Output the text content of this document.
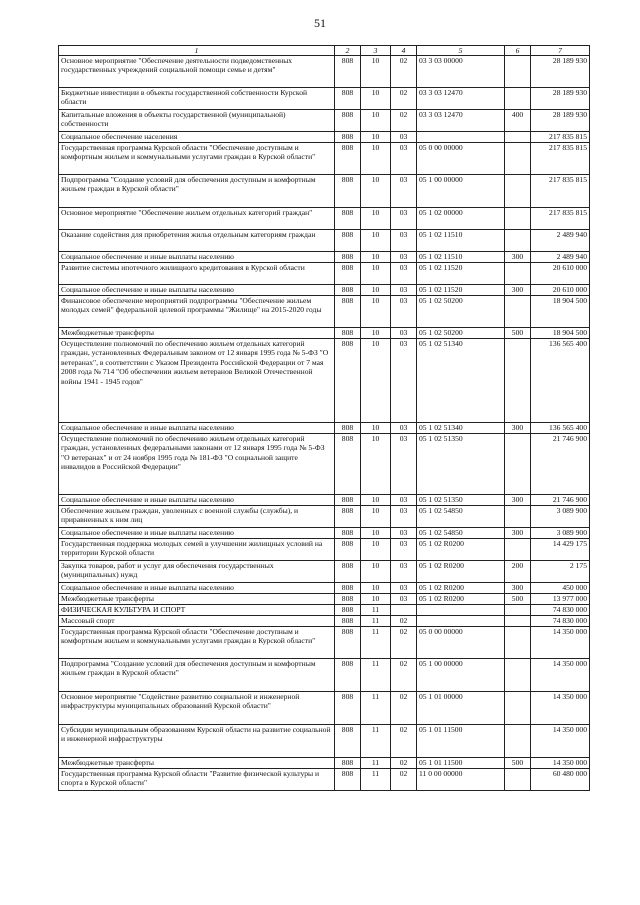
51
1	2	3	4	5	6	7
Основное мероприятие "Обеспечение деятельности подведомственных государственных учреждений социальной помощи семье и детям"	808	10	02	03 3 03 00000		28 189 930
Бюджетные инвестиции в объекты государственной собственности Курской области	808	10	02	03 3 03 12470		28 189 930
Капитальные вложения в объекты государственной (муниципальной) собственности	808	10	02	03 3 03 12470	400	28 189 930
Социальное обеспечение населения	808	10	03			217 835 815
Государственная программа Курской области "Обеспечение доступным и комфортным жильем и коммунальными услугами граждан в Курской области"	808	10	03	05 0 00 00000		217 835 815
Подпрограмма "Создание условий для обеспечения доступным и комфортным жильем граждан в Курской области"	808	10	03	05 1 00 00000		217 835 815
Основное мероприятие "Обеспечение жильем отдельных категорий граждан"	808	10	03	05 1 02 00000		217 835 815
Оказание содействия для приобретения жилья отдельным категориям граждан	808	10	03	05 1 02 11510		2 489 940
Социальное обеспечение и иные выплаты населению	808	10	03	05 1 02 11510	300	2 489 940
Развитие системы ипотечного жилищного кредитования в Курской области	808	10	03	05 1 02 11520		20 610 000
Социальное обеспечение и иные выплаты населению	808	10	03	05 1 02 11520	300	20 610 000
Финансовое обеспечение мероприятий подпрограммы "Обеспечение жильем молодых семей" федеральной целевой программы "Жилище" на 2015-2020 годы	808	10	03	05 1 02 50200		18 904 500
Межбюджетные трансферты	808	10	03	05 1 02 50200	500	18 904 500
Осуществление полномочий по обеспечению жильем отдельных категорий граждан, установленных Федеральным законом от 12 января 1995 года № 5-ФЗ "О ветеранах", в соответствии с Указом Президента Российской Федерации от 7 мая 2008 года № 714 "Об обеспечении жильем ветеранов Великой Отечественной войны 1941 - 1945 годов"	808	10	03	05 1 02 51340		136 565 400
Социальное обеспечение и иные выплаты населению	808	10	03	05 1 02 51340	300	136 565 400
Осуществление полномочий по обеспечению жильем отдельных категорий граждан, установленных федеральными законами от 12 января 1995 года № 5-ФЗ "О ветеранах" и от 24 ноября 1995 года № 181-ФЗ "О социальной защите инвалидов в Российской Федерации"	808	10	03	05 1 02 51350		21 746 900
Социальное обеспечение и иные выплаты населению	808	10	03	05 1 02 51350	300	21 746 900
Обеспечение жильем граждан, уволенных с военной службы (службы), и приравненных к ним лиц	808	10	03	05 1 02 54850		3 089 900
Социальное обеспечение и иные выплаты населению	808	10	03	05 1 02 54850	300	3 089 900
Государственная поддержка молодых семей в улучшении жилищных условий на территории Курской области	808	10	03	05 1 02 R0200		14 429 175
Закупка товаров, работ и услуг для обеспечения государственных (муниципальных) нужд	808	10	03	05 1 02 R0200	200	2 175
Социальное обеспечение и иные выплаты населению	808	10	03	05 1 02 R0200	300	450 000
Межбюджетные трансферты	808	10	03	05 1 02 R0200	500	13 977 000
ФИЗИЧЕСКАЯ КУЛЬТУРА И СПОРТ	808	11				74 830 000
Массовый спорт	808	11	02			74 830 000
Государственная программа Курской области "Обеспечение доступным и комфортным жильем и коммунальными услугами граждан в Курской области"	808	11	02	05 0 00 00000		14 350 000
Подпрограмма "Создание условий для обеспечения доступным и комфортным жильем граждан в Курской области"	808	11	02	05 1 00 00000		14 350 000
Основное мероприятие "Содействие развитию социальной и инженерной инфраструктуры муниципальных образований Курской области"	808	11	02	05 1 01 00000		14 350 000
Субсидии муниципальным образованиям Курской области на развитие социальной и инженерной инфраструктуры	808	11	02	05 1 01 11500		14 350 000
Межбюджетные трансферты	808	11	02	05 1 01 11500	500	14 350 000
Государственная программа Курской области "Развитие физической культуры и спорта в Курской области"	808	11	02	11 0 00 00000		60 480 000
